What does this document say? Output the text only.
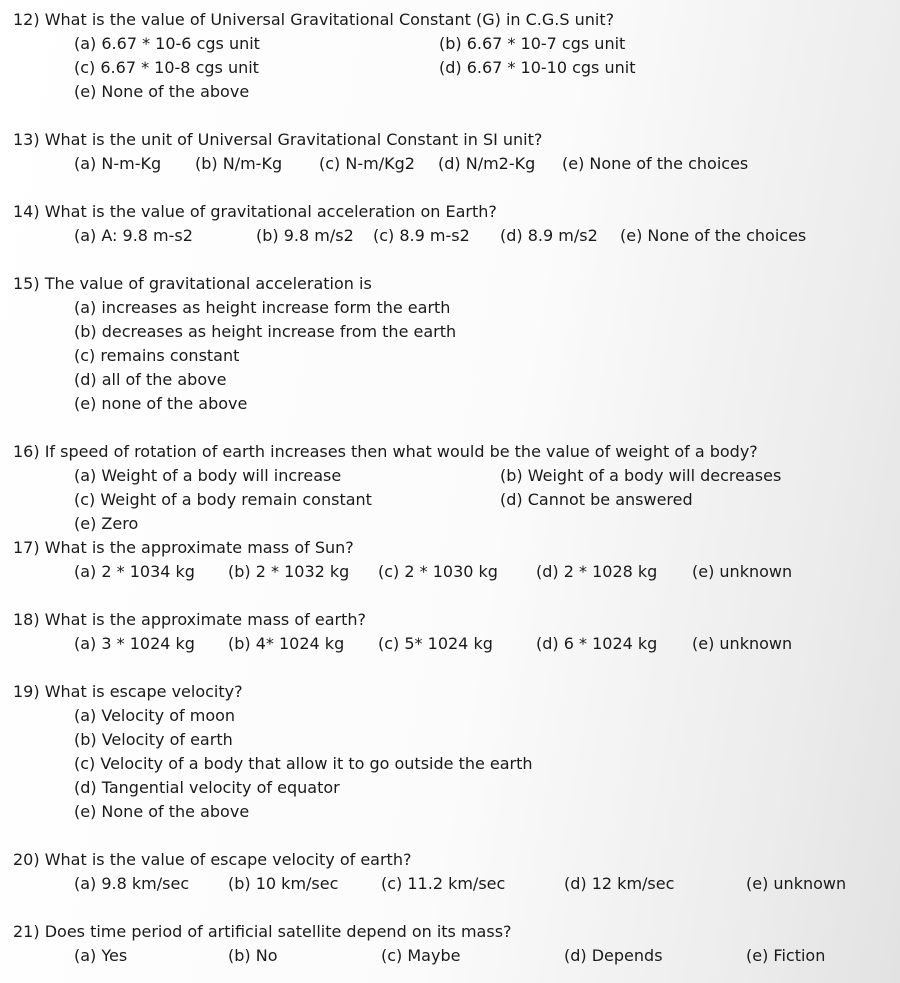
12) What is the value of Universal Gravitational Constant (G) in C.G.S unit?
(a) 6.67 * 10-6 cgs unit	(b) 6.67 * 10-7 cgs unit
(c) 6.67 * 10-8 cgs unit	(d) 6.67 * 10-10 cgs unit
(e) None of the above
13) What is the unit of Universal Gravitational Constant in SI unit?
(a) N-m-Kg (b) N/m-Kg (c) N-m/Kg2 (d) N/m2-Kg (e) None of the choices
14) What is the value of gravitational acceleration on Earth?
(a) A: 9.8 m-s2	(b) 9.8 m/s2 (c) 8.9 m-s2 (d) 8.9 m/s2 (e) None of the choices
15) The value of gravitational acceleration is
(a) increases as height increase form the earth
(b) decreases as height increase from the earth
(c) remains constant
(d) all of the above
(e) none of the above
16) If speed of rotation of earth increases then what would be the value of weight of a body?
(a) Weight of a body will increase	(b) Weight of a body will decreases
(c) Weight of a body remain constant	(d) Cannot be answered
(e) Zero
17) What is the approximate mass of Sun?
(a) 2 * 1034 kg (b) 2 * 1032 kg (c) 2 * 1030 kg (d) 2 * 1028 kg (e) unknown
18) What is the approximate mass of earth?
(a) 3 * 1024 kg (b) 4* 1024 kg (c) 5* 1024 kg	(d) 6 * 1024 kg (e) unknown
19) What is escape velocity?
(a) Velocity of moon
(b) Velocity of earth
(c) Velocity of a body that allow it to go outside the earth
(d) Tangential velocity of equator
(e) None of the above
20) What is the value of escape velocity of earth?
(a) 9.8 km/sec (b) 10 km/sec	(c) 11.2 km/sec	(d) 12 km/sec	(e) unknown
21) Does time period of artificial satellite depend on its mass?
(a) Yes	(b) No	(c) Maybe	(d) Depends	(e) Fiction
